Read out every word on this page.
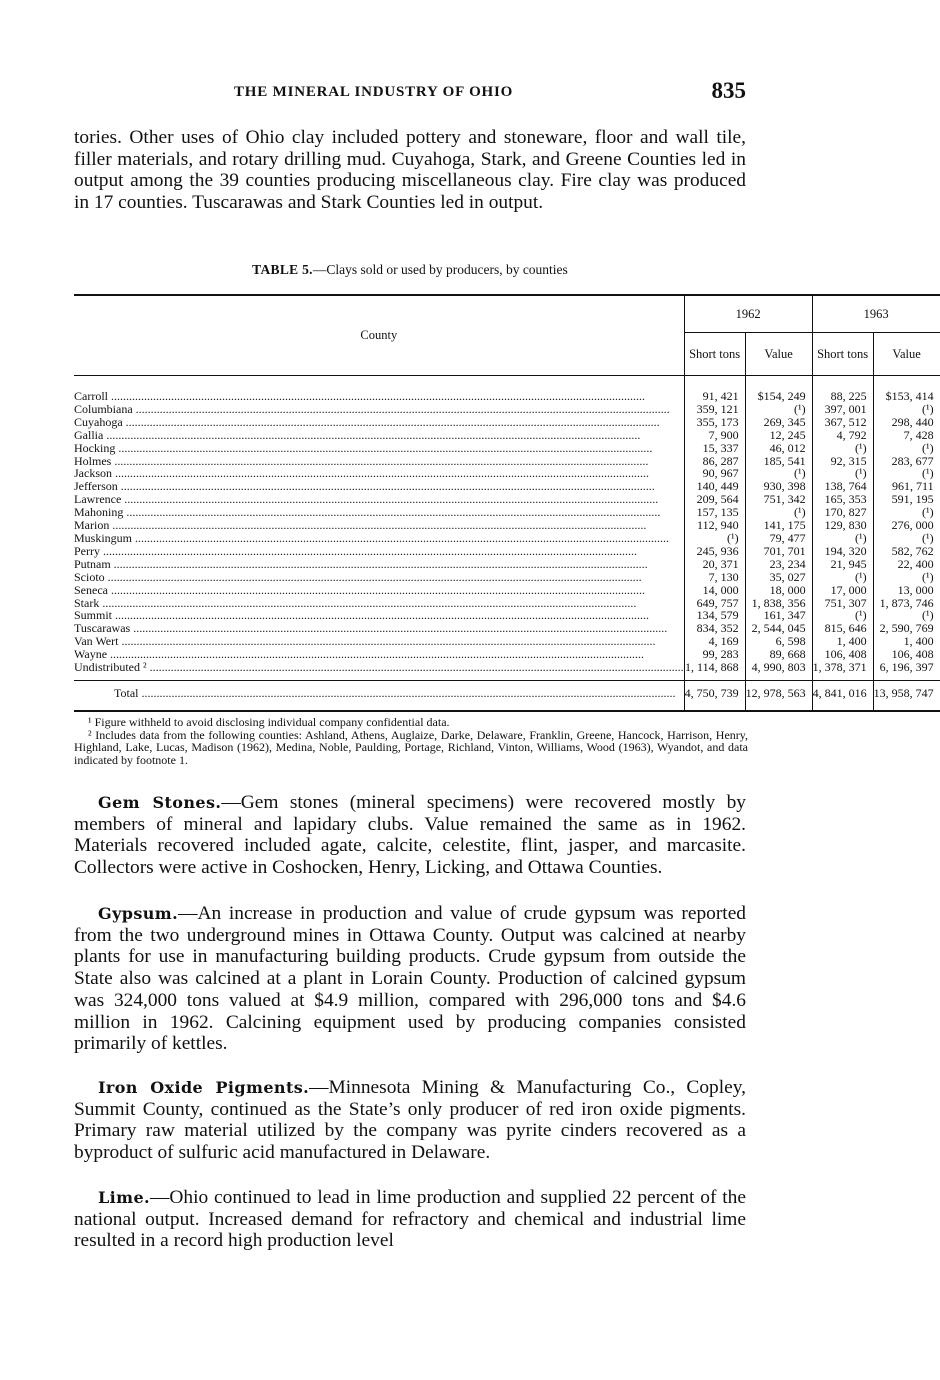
THE MINERAL INDUSTRY OF OHIO	835

tories. Other uses of Ohio clay included pottery and stoneware, floor and wall tile, filler materials, and rotary drilling mud. Cuyahoga, Stark, and Greene Counties led in output among the 39 counties producing miscellaneous clay. Fire clay was produced in 17 counties. Tuscarawas and Stark Counties led in output.

TABLE 5.—Clays sold or used by producers, by counties
County	1962		1963	
	Short tons	Value	Short tons	Value

Carroll .....	91, 421	$154, 249	88, 225	$153, 414

Columbiana .....	359, 121	(¹)	397, 001	(¹)

Cuyahoga .....	355, 173	269, 345	367, 512	298, 440

Gallia .....	7, 900	12, 245	4, 792	7, 428

Hocking .....	15, 337	46, 012	(¹)	(¹)

Holmes .....	86, 287	185, 541	92, 315	283, 677

Jackson .....	90, 967	(¹)	(¹)	(¹)

Jefferson .....	140, 449	930, 398	138, 764	961, 711

Lawrence .....	209, 564	751, 342	165, 353	591, 195

Mahoning .....	157, 135	(¹)	170, 827	(¹)

Marion .....	112, 940	141, 175	129, 830	276, 000

Muskingum .....	(¹)	79, 477	(¹)	(¹)

Perry .....	245, 936	701, 701	194, 320	582, 762

Putnam .....	20, 371	23, 234	21, 945	22, 400

Scioto .....	7, 130	35, 027	(¹)	(¹)

Seneca .....	14, 000	18, 000	17, 000	13, 000

Stark .....	649, 757	1, 838, 356	751, 307	1, 873, 746

Summit .....	134, 579	161, 347	(¹)	(¹)

Tuscarawas .....	834, 352	2, 544, 045	815, 646	2, 590, 769

Van Wert .....	4, 169	6, 598	1, 400	1, 400

Wayne .....	99, 283	89, 668	106, 408	106, 408

Undistributed ² .....	1, 114, 868	4, 990, 803	1, 378, 371	6, 196, 397

Total .....	4, 750, 739	12, 978, 563	4, 841, 016	13, 958, 747

¹ Figure withheld to avoid disclosing individual company confidential data.

² Includes data from the following counties: Ashland, Athens, Auglaize, Darke, Delaware, Franklin, Greene, Hancock, Harrison, Henry, Highland, Lake, Lucas, Madison (1962), Medina, Noble, Paulding, Portage, Richland, Vinton, Williams, Wood (1963), Wyandot, and data indicated by footnote 1.

Gem Stones.—Gem stones (mineral specimens) were recovered mostly by members of mineral and lapidary clubs. Value remained the same as in 1962. Materials recovered included agate, calcite, celestite, flint, jasper, and marcasite. Collectors were active in Coshocken, Henry, Licking, and Ottawa Counties.

Gypsum.—An increase in production and value of crude gypsum was reported from the two underground mines in Ottawa County. Output was calcined at nearby plants for use in manufacturing building products. Crude gypsum from outside the State also was calcined at a plant in Lorain County. Production of calcined gypsum was 324,000 tons valued at $4.9 million, compared with 296,000 tons and $4.6 million in 1962. Calcining equipment used by producing companies consisted primarily of kettles.

Iron Oxide Pigments.—Minnesota Mining & Manufacturing Co., Copley, Summit County, continued as the State’s only producer of red iron oxide pigments. Primary raw material utilized by the company was pyrite cinders recovered as a byproduct of sulfuric acid manufactured in Delaware.

Lime.—Ohio continued to lead in lime production and supplied 22 percent of the national output. Increased demand for refractory and chemical and industrial lime resulted in a record high production level
